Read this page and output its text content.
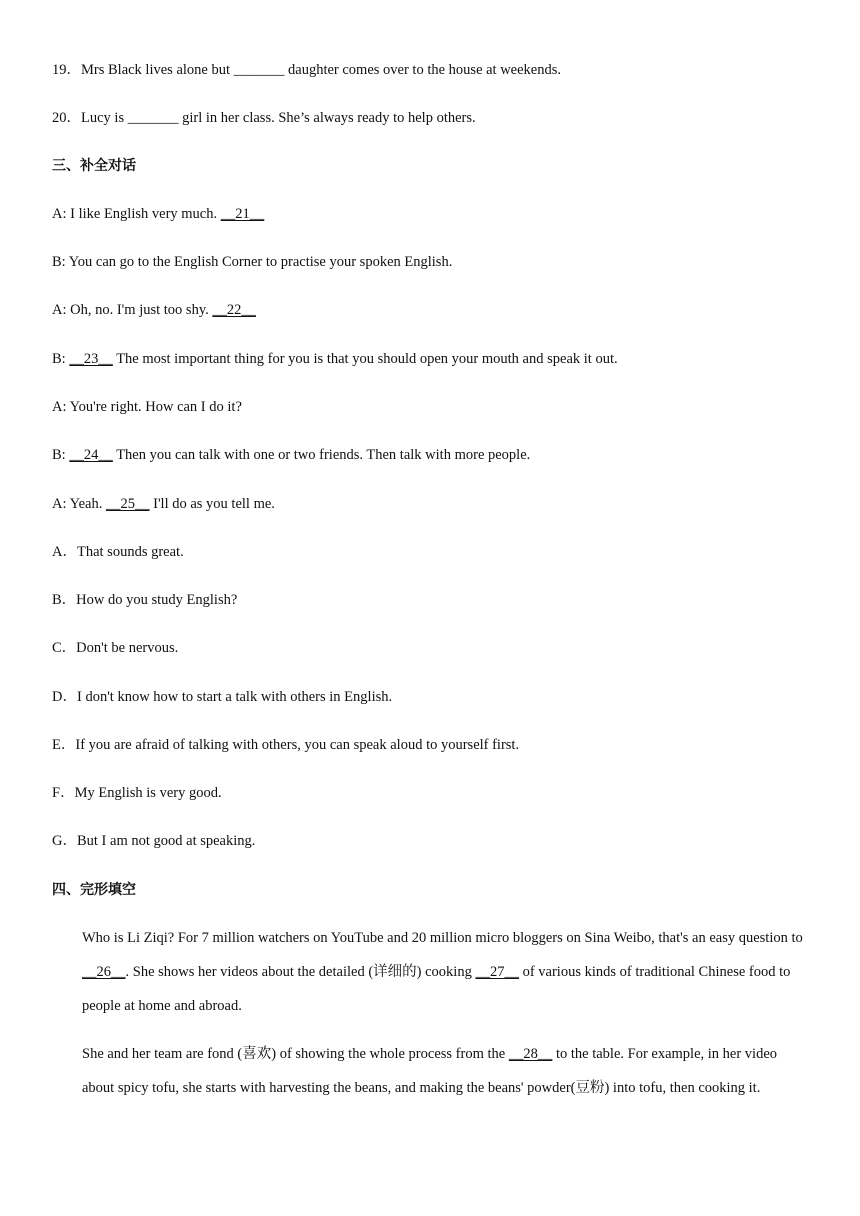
19．Mrs Black lives alone but _______ daughter comes over to the house at weekends.
20．Lucy is _______ girl in her class. She’s always ready to help others.
三、补全对话
A: I like English very much. __21__
B: You can go to the English Corner to practise your spoken English.
A: Oh, no. I'm just too shy. __22__
B: __23__ The most important thing for you is that you should open your mouth and speak it out.
A: You're right. How can I do it?
B: __24__ Then you can talk with one or two friends. Then talk with more people.
A: Yeah. __25__ I'll do as you tell me.
A．That sounds great.
B．How do you study English?
C．Don't be nervous.
D．I don't know how to start a talk with others in English.
E．If you are afraid of talking with others, you can speak aloud to yourself first.
F．My English is very good.
G．But I am not good at speaking.
四、完形填空
Who is Li Ziqi? For 7 million watchers on YouTube and 20 million micro bloggers on Sina Weibo, that's an easy question to __26__. She shows her videos about the detailed (详细的) cooking __27__ of various kinds of traditional Chinese food to people at home and abroad.
She and her team are fond (喜欢) of showing the whole process from the __28__ to the table. For example, in her video about spicy tofu, she starts with harvesting the beans, and making the beans' powder(豆粉) into tofu, then cooking it.
